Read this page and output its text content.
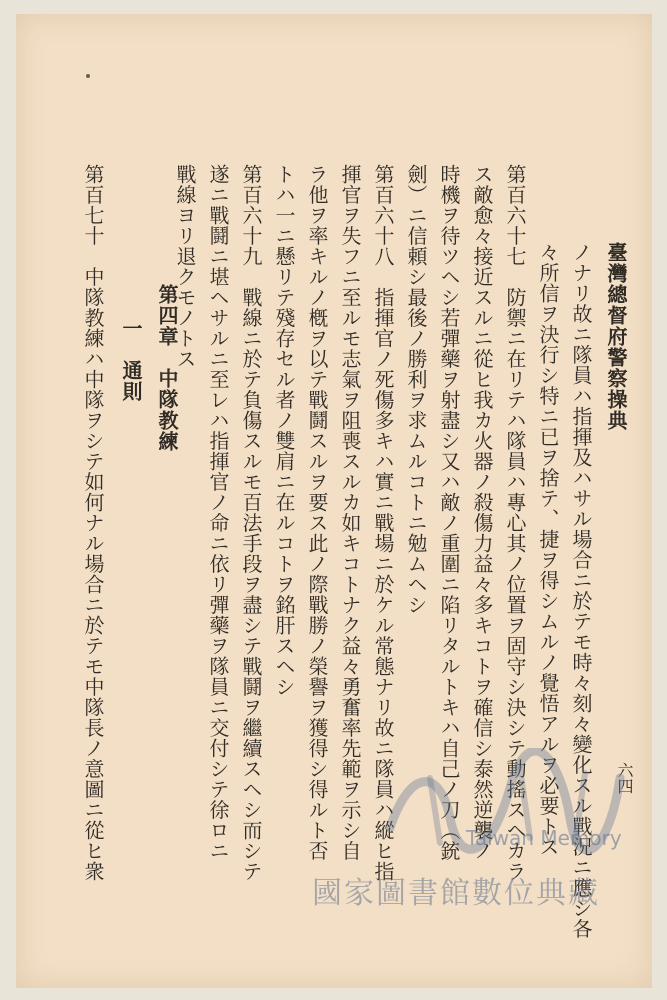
臺灣總督府警察操典
ノナリ故ニ隊員ハ指揮及ハサル場合ニ於テモ時々刻々變化スル戰況ニ應シ各
々所信ヲ決行シ特ニ已ヲ捨テ、捷ヲ得シムルノ覺悟アルヲ必要トス
第百六十七　防禦ニ在リテハ隊員ハ專心其ノ位置ヲ固守シ決シテ動搖スヘカラ
ス敵愈々接近スルニ從ヒ我カ火器ノ殺傷力益々多キコトヲ確信シ泰然逆襲ノ
時機ヲ待ツヘシ若彈藥ヲ射盡シ又ハ敵ノ重圍ニ陷リタルトキハ自己ノ刀（銃
劍）ニ信頼シ最後ノ勝利ヲ求ムルコトニ勉ムヘシ
第百六十八　指揮官ノ死傷多キハ實ニ戰場ニ於ケル常態ナリ故ニ隊員ハ縱ヒ指
揮官ヲ失フニ至ルモ志氣ヲ阻喪スルカ如キコトナク益々勇奮率先範ヲ示シ自
ラ他ヲ率キルノ槪ヲ以テ戰鬪スルヲ要ス此ノ際戰勝ノ榮譽ヲ獲得シ得ルト否
トハ一ニ懸リテ殘存セル者ノ雙肩ニ在ルコトヲ銘肝スヘシ
第百六十九　戰線ニ於テ負傷スルモ百法手段ヲ盡シテ戰鬪ヲ繼續スヘシ而シテ
遂ニ戰鬪ニ堪ヘサルニ至レハ指揮官ノ命ニ依リ彈藥ヲ隊員ニ交付シテ徐ロニ
戰線ヨリ退クモノトス
第四章　中隊教練
一　通則
第百七十　中隊教練ハ中隊ヲシテ如何ナル場合ニ於テモ中隊長ノ意圖ニ從ヒ衆	六四
Taiwan Memory
國家圖書館數位典藏
